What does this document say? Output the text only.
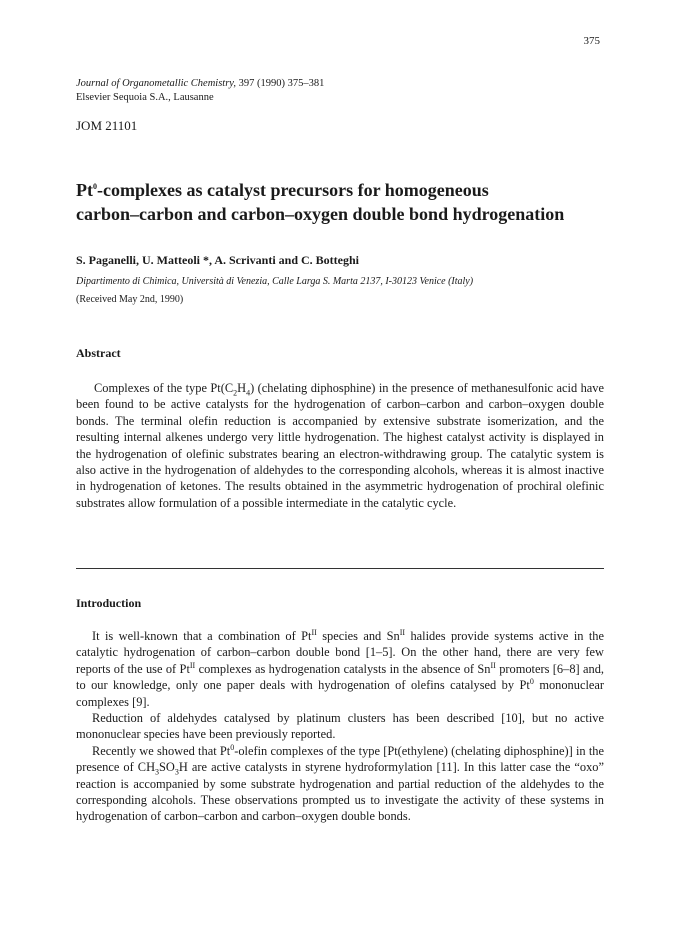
375
Journal of Organometallic Chemistry, 397 (1990) 375–381
Elsevier Sequoia S.A., Lausanne
JOM 21101
Pt$^0$-complexes as catalyst precursors for homogeneous
carbon–carbon and carbon–oxygen double bond hydrogenation
S. Paganelli, U. Matteoli *, A. Scrivanti and C. Botteghi
Dipartimento di Chimica, Università di Venezia, Calle Larga S. Marta 2137, I-30123 Venice (Italy)
(Received May 2nd, 1990)
Abstract

Complexes of the type $Pt(C_2H_4)$ (chelating diphosphine) in the presence of methanesulfonic acid have been found to be active catalysts for the hydrogenation of carbon–carbon and carbon–oxygen double bonds. The terminal olefin reduction is accompanied by extensive substrate isomerization, and the resulting internal alkenes undergo very little hydrogenation. The highest catalyst activity is displayed in the hydrogenation of olefinic substrates bearing an electron-withdrawing group. The catalytic system is also active in the hydrogenation of aldehydes to the corresponding alcohols, whereas it is almost inactive in hydrogenation of ketones. The results obtained in the asymmetric hydrogenation of prochiral olefinic substrates allow formulation of a possible intermediate in the catalytic cycle.

Introduction

It is well-known that a combination of $Pt^{II}$ species and $Sn^{II}$ halides provide systems active in the catalytic hydrogenation of carbon–carbon double bond [1–5]. On the other hand, there are very few reports of the use of $Pt^{II}$ complexes as hydrogenation catalysts in the absence of $Sn^{II}$ promoters [6–8] and, to our knowledge, only one paper deals with hydrogenation of olefins catalysed by Pt$^0$ mononuclear complexes [9].

Reduction of aldehydes catalysed by platinum clusters has been described [10], but no active mononuclear species have been previously reported.

Recently we showed that Pt$^0$-olefin complexes of the type [Pt(ethylene) (chelating diphosphine)] in the presence of $CH_3SO_3H$ are active catalysts in styrene hydroformylation [11]. In this latter case the “oxo” reaction is accompanied by some substrate hydrogenation and partial reduction of the aldehydes to the corresponding alcohols. These observations prompted us to investigate the activity of these systems in hydrogenation of carbon–carbon and carbon–oxygen double bonds.
